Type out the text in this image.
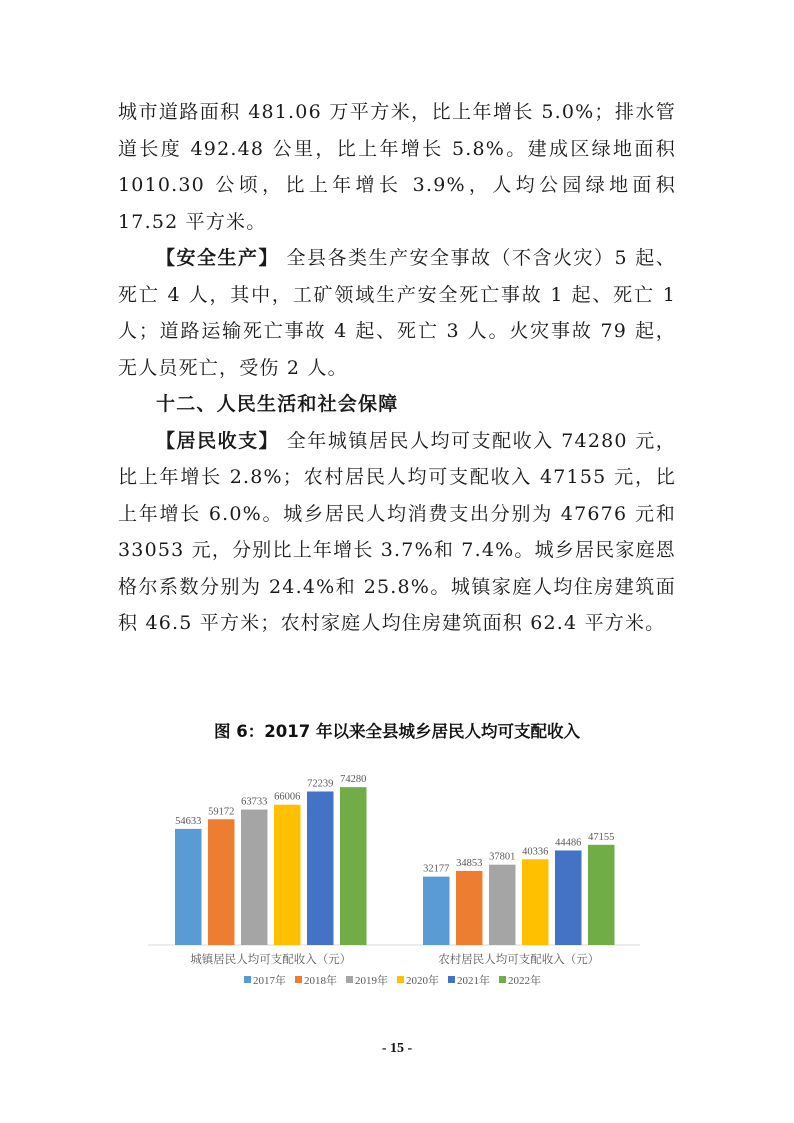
城市道路面积 481.06 万平方米，比上年增长 5.0%；排水管道长度 492.48 公里，比上年增长 5.8%。建成区绿地面积 1010.30 公顷，比上年增长 3.9%，人均公园绿地面积 17.52 平方米。

【安全生产】 全县各类生产安全事故（不含火灾）5 起、死亡 4 人，其中，工矿领域生产安全死亡事故 1 起、死亡 1 人；道路运输死亡事故 4 起、死亡 3 人。火灾事故 79 起，无人员死亡，受伤 2 人。

十二、人民生活和社会保障

【居民收支】 全年城镇居民人均可支配收入 74280 元，比上年增长 2.8%；农村居民人均可支配收入 47155 元，比上年增长 6.0%。城乡居民人均消费支出分别为 47676 元和 33053 元，分别比上年增长 3.7%和 7.4%。城乡居民家庭恩格尔系数分别为 24.4%和 25.8%。城镇家庭人均住房建筑面积 46.5 平方米；农村家庭人均住房建筑面积 62.4 平方米。

图 6：2017 年以来全县城乡居民人均可支配收入
54633
59172
63733 66006
72239 74280
城镇居民人均可支配收入（元）
32177
34853
37801 40336
44486
47155
农村居民人均可支配收入（元）
2017年 2018年 2019年 2020年 2021年 2022年
- 15 -
